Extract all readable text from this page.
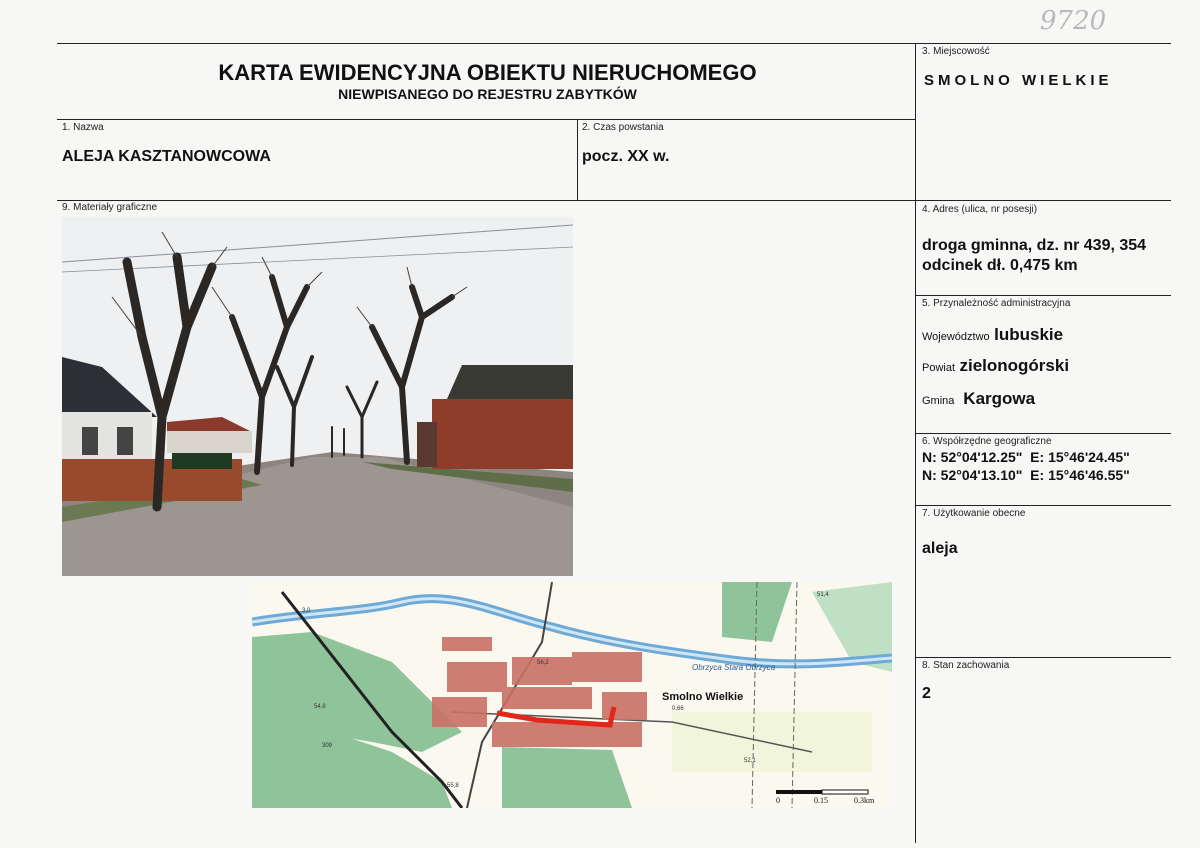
9720
KARTA EWIDENCYJNA OBIEKTU NIERUCHOMEGO
NIEWPISANEGO DO REJESTRU ZABYTKÓW
3. Miejscowość
SMOLNO WIELKIE
1. Nazwa
ALEJA KASZTANOWCOWA
2. Czas powstania
pocz. XX w.
9. Materiały graficzne	4. Adres (ulica, nr posesji)
droga gminna, dz. nr 439, 354
odcinek dł. 0,475 km
5. Przynależność administracyjna
Województwo lubuskie
Powiat zielonogórski
Gmina Kargowa
6. Współrzędne geograficzne
N: 52°04'12.25"  E: 15°46'24.45"
N: 52°04'13.10"  E: 15°46'46.55"
7. Użytkowanie obecne
aleja
8. Stan zachowania
2
Smolno Wielkie
Obrzyca Stara Obrzyca
3,0
56,2
54,8
309
55,8
52,1
51,4
0,66
0	0.15	0.3km
